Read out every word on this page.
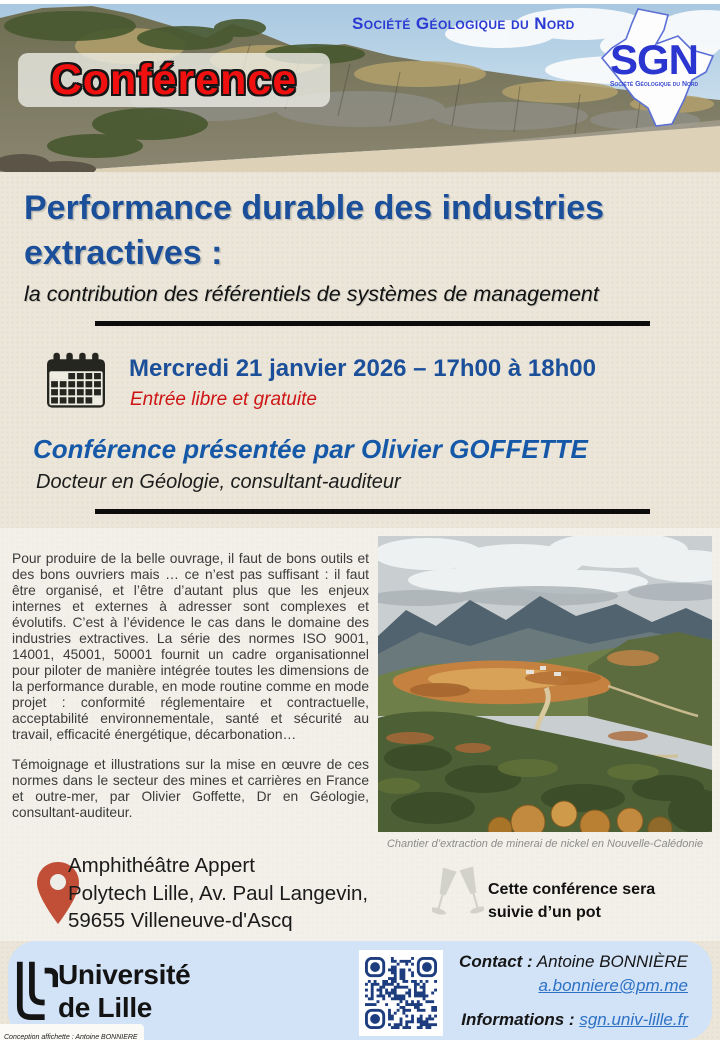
Société Géologique du Nord
Conférence	SGN
Société Géologique du Nord
Performance durable des industries
extractives :
la contribution des référentiels de systèmes de management
Mercredi 21 janvier 2026 – 17h00 à 18h00
Entrée libre et gratuite
Conférence présentée par Olivier GOFFETTE
Docteur en Géologie, consultant-auditeur

Pour produire de la belle ouvrage, il faut de bons outils et des bons ouvriers mais … ce n’est pas suffisant : il faut être organisé, et l’être d’autant plus que les enjeux internes et externes à adresser sont complexes et évolutifs. C’est à l’évidence le cas dans le domaine des industries extractives. La série des normes ISO 9001, 14001, 45001, 50001 fournit un cadre organisationnel pour piloter de manière intégrée toutes les dimensions de la performance durable, en mode routine comme en mode projet : conformité réglementaire et contractuelle, acceptabilité environnementale, santé et sécurité au travail, efficacité énergétique, décarbonation…

Témoignage et illustrations sur la mise en œuvre de ces normes dans le secteur des mines et carrières en France et outre-mer, par Olivier Goffette, Dr en Géologie, consultant-auditeur.

Chantier d’extraction de minerai de nickel en Nouvelle-Calédonie
Amphithéâtre Appert
Polytech Lille, Av. Paul Langevin,
59655 Villeneuve-d'Ascq
Cette conférence sera
suivie d’un pot
Université
de Lille
Contact : Antoine BONNIÈRE
a.bonniere@pm.me
Informations : sgn.univ-lille.fr
Conception affichette : Antoine BONNIERE
